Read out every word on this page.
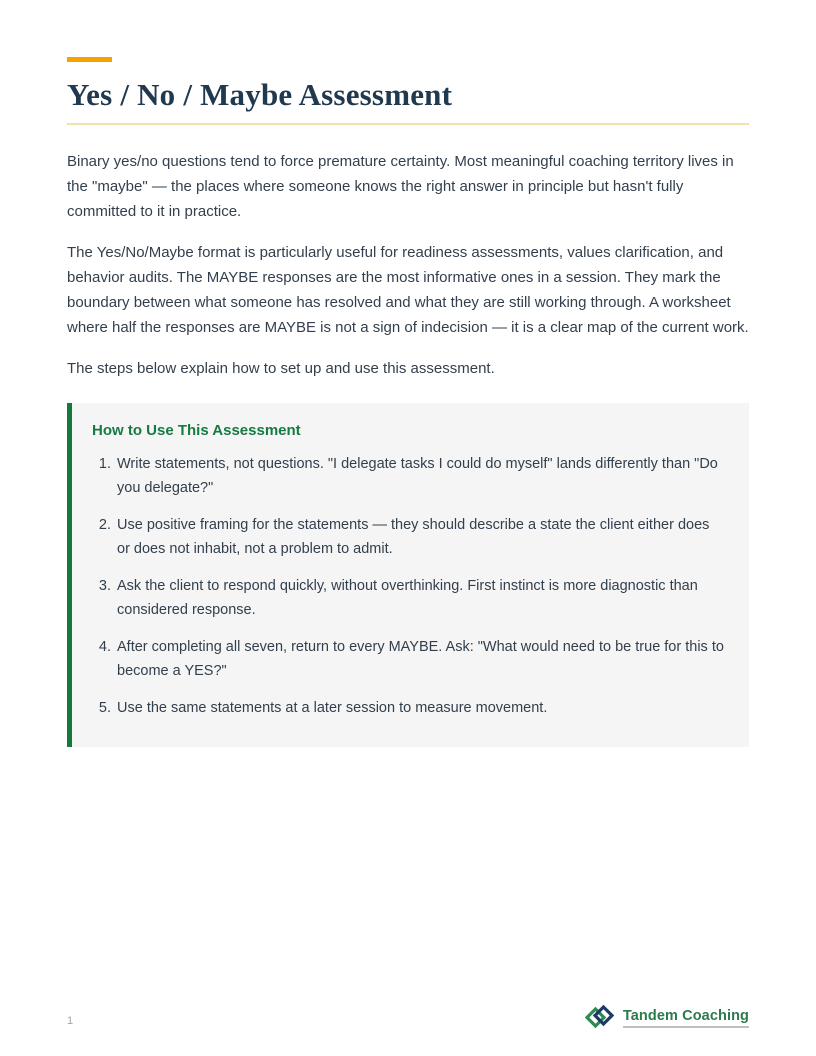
Yes / No / Maybe Assessment

Binary yes/no questions tend to force premature certainty. Most meaningful coaching territory lives in the "maybe" — the places where someone knows the right answer in principle but hasn't fully committed to it in practice.

The Yes/No/Maybe format is particularly useful for readiness assessments, values clarification, and behavior audits. The MAYBE responses are the most informative ones in a session. They mark the boundary between what someone has resolved and what they are still working through. A worksheet where half the responses are MAYBE is not a sign of indecision — it is a clear map of the current work.

The steps below explain how to set up and use this assessment.

How to Use This Assessment
1. Write statements, not questions. "I delegate tasks I could do myself" lands differently than "Do you delegate?"
2. Use positive framing for the statements — they should describe a state the client either does or does not inhabit, not a problem to admit.
3. Ask the client to respond quickly, without overthinking. First instinct is more diagnostic than considered response.
4. After completing all seven, return to every MAYBE. Ask: "What would need to be true for this to become a YES?"
5. Use the same statements at a later session to measure movement.
1	Tandem Coaching
